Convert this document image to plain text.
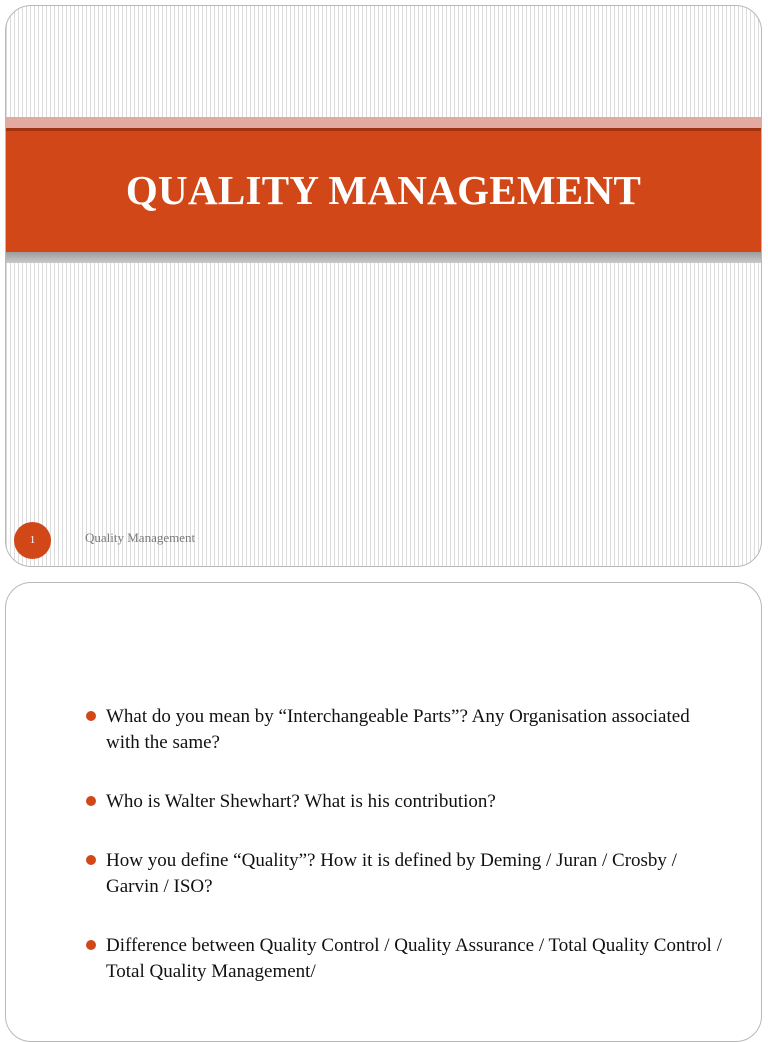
QUALITY MANAGEMENT
1	Quality Management
What do you mean by “Interchangeable Parts”? Any Organisation associated with the same?
Who is Walter Shewhart? What is his contribution?
How you define “Quality”? How it is defined by Deming / Juran / Crosby / Garvin / ISO?
Difference between Quality Control / Quality Assurance / Total Quality Control / Total Quality Management/
